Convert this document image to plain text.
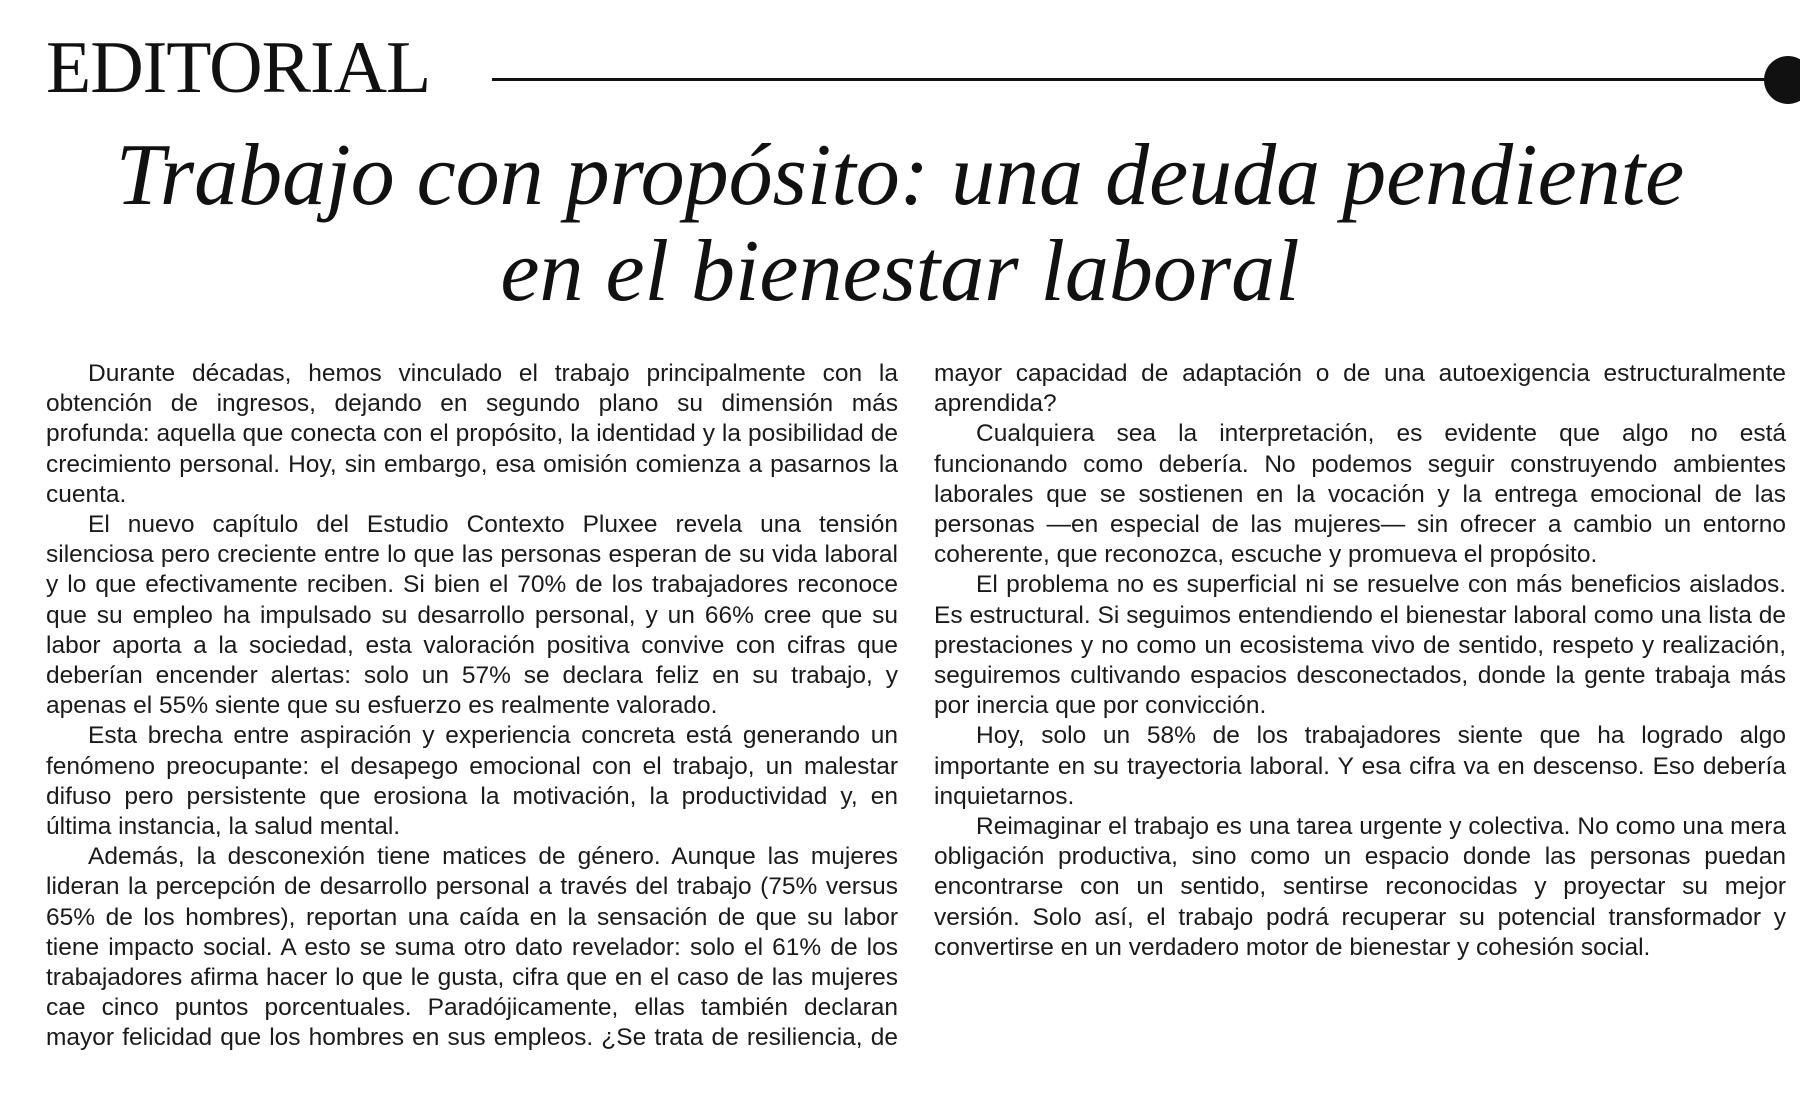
EDITORIAL
Trabajo con propósito: una deuda pendiente
en el bienestar laboral

Durante décadas, hemos vinculado el trabajo principalmente con la obtención de ingresos, dejando en segundo plano su dimensión más profunda: aquella que conecta con el propósito, la identidad y la posibilidad de crecimiento personal. Hoy, sin embargo, esa omisión comienza a pasarnos la cuenta.

El nuevo capítulo del Estudio Contexto Pluxee revela una tensión silenciosa pero creciente entre lo que las personas esperan de su vida laboral y lo que efectivamente reciben. Si bien el 70% de los trabajadores reconoce que su empleo ha impulsado su desarrollo personal, y un 66% cree que su labor aporta a la sociedad, esta valoración positiva convive con cifras que deberían encender alertas: solo un 57% se declara feliz en su trabajo, y apenas el 55% siente que su esfuerzo es realmente valorado.

Esta brecha entre aspiración y experiencia concreta está generando un fenómeno preocupante: el desapego emocional con el trabajo, un malestar difuso pero persistente que erosiona la motivación, la productividad y, en última instancia, la salud mental.

Además, la desconexión tiene matices de género. Aunque las mujeres lideran la percepción de desarrollo personal a través del trabajo (75% versus 65% de los hombres), reportan una caída en la sensación de que su labor tiene impacto social. A esto se suma otro dato revelador: solo el 61% de los trabajadores afirma hacer lo que le gusta, cifra que en el caso de las mujeres cae cinco puntos porcentuales. Paradójicamente, ellas también declaran mayor felicidad que los hombres en sus empleos. ¿Se trata de resiliencia, de mayor capacidad de adaptación o de una autoexigencia estructuralmente aprendida?

Cualquiera sea la interpretación, es evidente que algo no está funcionando como debería. No podemos seguir construyendo ambientes laborales que se sostienen en la vocación y la entrega emocional de las personas —en especial de las mujeres— sin ofrecer a cambio un entorno coherente, que reconozca, escuche y promueva el propósito.

El problema no es superficial ni se resuelve con más beneficios aislados. Es estructural. Si seguimos entendiendo el bienestar laboral como una lista de prestaciones y no como un ecosistema vivo de sentido, respeto y realización, seguiremos cultivando espacios desconectados, donde la gente trabaja más por inercia que por convicción.

Hoy, solo un 58% de los trabajadores siente que ha logrado algo importante en su trayectoria laboral. Y esa cifra va en descenso. Eso debería inquietarnos.

Reimaginar el trabajo es una tarea urgente y colectiva. No como una mera obligación productiva, sino como un espacio donde las personas puedan encontrarse con un sentido, sentirse reconocidas y proyectar su mejor versión. Solo así, el trabajo podrá recuperar su potencial transformador y convertirse en un verdadero motor de bienestar y cohesión social.
